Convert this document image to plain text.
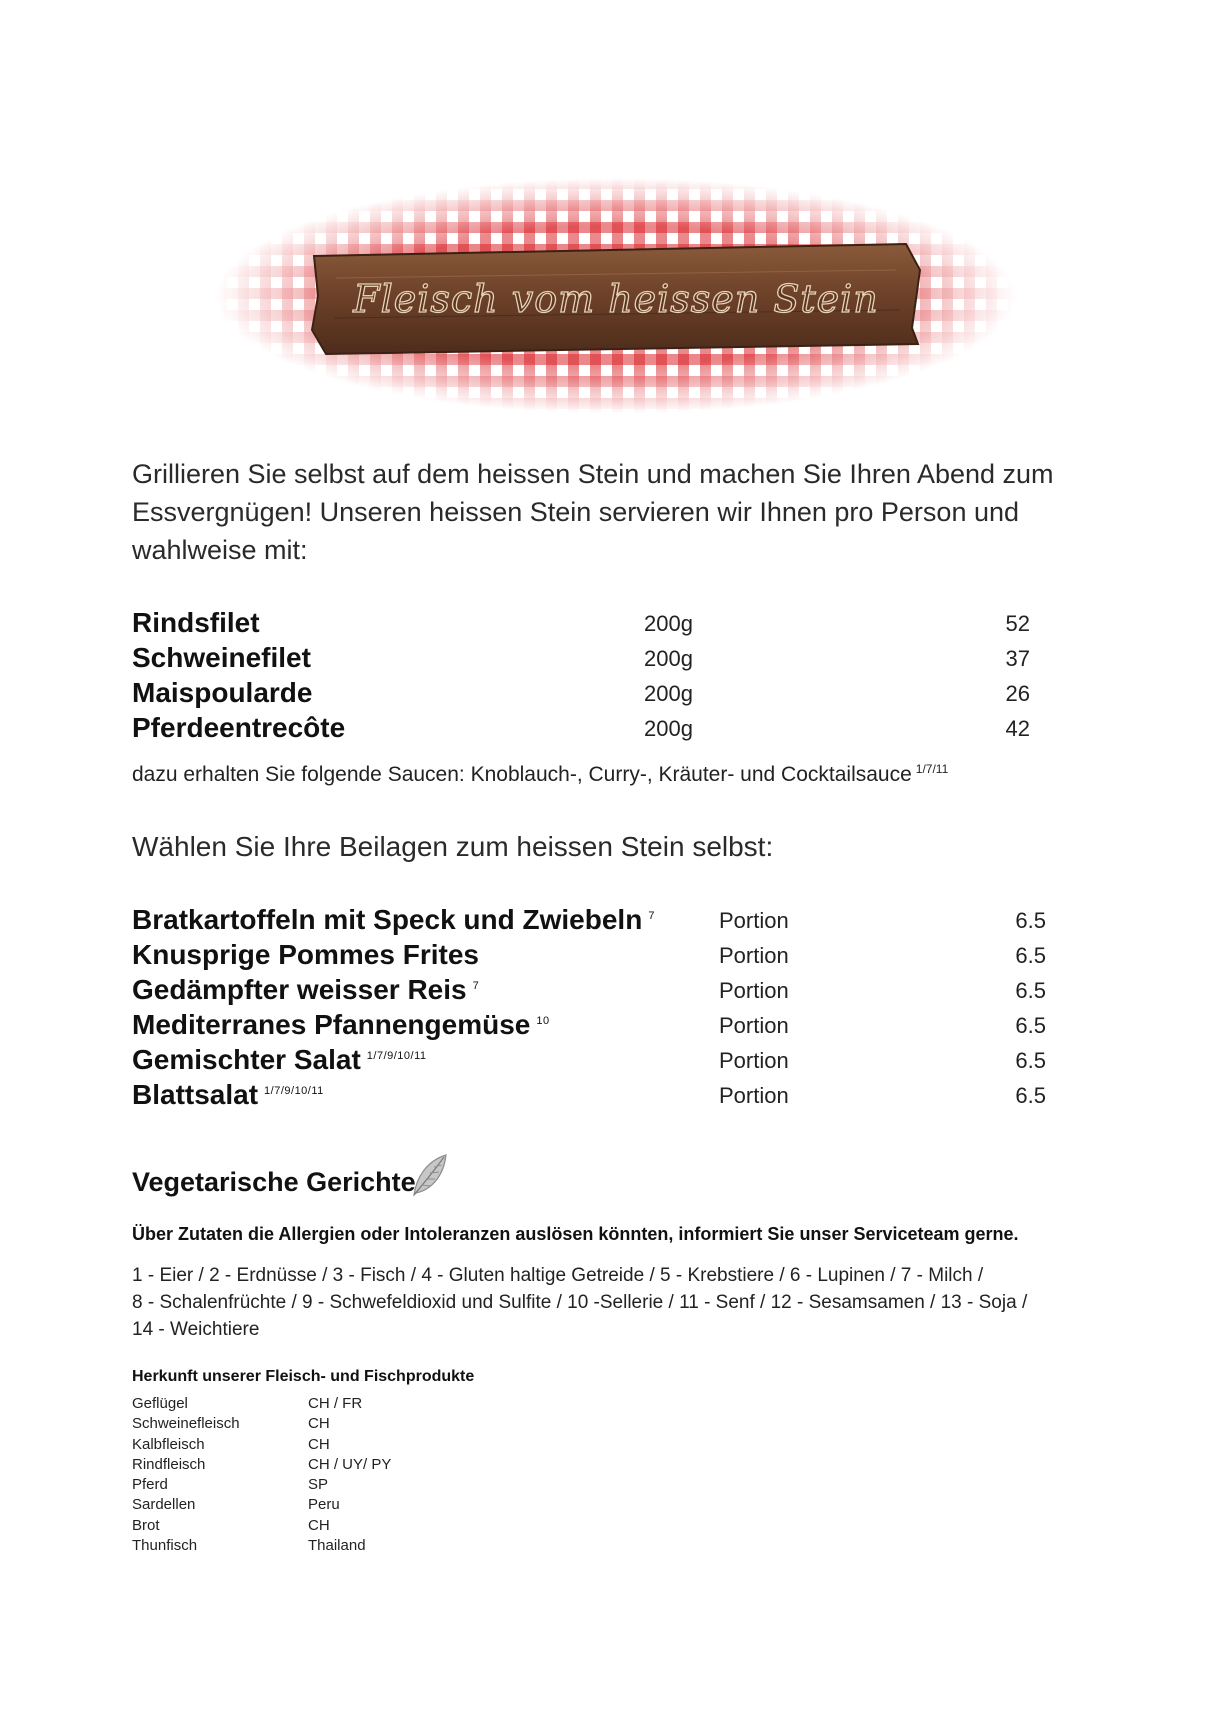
Fleisch vom heissen Stein
Grillieren Sie selbst auf dem heissen Stein und machen Sie Ihren Abend zum Essvergnügen! Unseren heissen Stein servieren wir Ihnen pro Person und wahlweise mit:
Rindsfilet	200g	52
Schweinefilet	200g	37
Maispoularde	200g	26
Pferdeentrecôte	200g	42
dazu erhalten Sie folgende Saucen: Knoblauch-, Curry-, Kräuter- und Cocktailsauce $^{1/7/11}$
Wählen Sie Ihre Beilagen zum heissen Stein selbst:
Bratkartoffeln mit Speck und Zwiebeln $^7$	Portion	6.5
Knusprige Pommes Frites	Portion	6.5
Gedämpfter weisser Reis $^7$	Portion	6.5
Mediterranes Pfannengemüse $^{10}$	Portion	6.5
Gemischter Salat $^{1/7/9/10/11}$	Portion	6.5
Blattsalat $^{1/7/9/10/11}$	Portion	6.5
Vegetarische Gerichte
Über Zutaten die Allergien oder Intoleranzen auslösen könnten, informiert Sie unser Serviceteam gerne.
1 - Eier / 2 - Erdnüsse / 3 - Fisch / 4 - Gluten haltige Getreide / 5 - Krebstiere / 6 - Lupinen / 7 - Milch /
8 - Schalenfrüchte / 9 - Schwefeldioxid und Sulfite / 10 -Sellerie / 11 - Senf / 12 - Sesamsamen / 13 - Soja /
14 - Weichtiere
Herkunft unserer Fleisch- und Fischprodukte
Geflügel	CH / FR
Schweinefleisch	CH
Kalbfleisch	CH
Rindfleisch	CH / UY/ PY
Pferd	SP
Sardellen	Peru
Brot	CH
Thunfisch	Thailand
